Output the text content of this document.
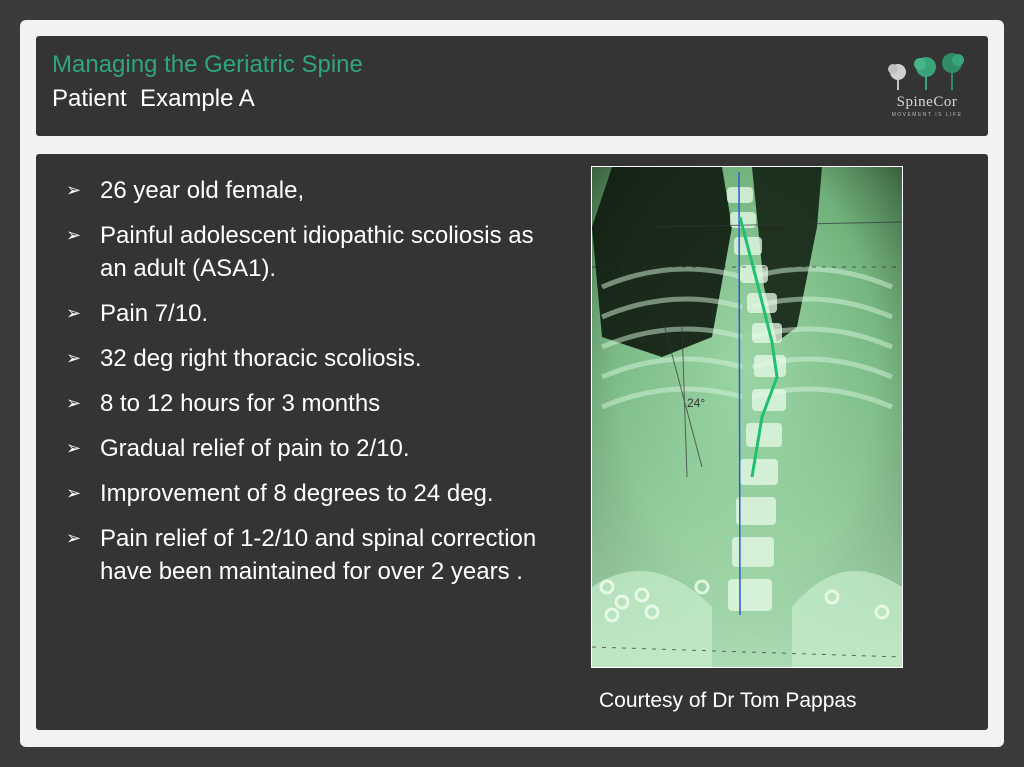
Managing the Geriatric Spine
Patient  Example A	SpineCor
MOVEMENT IS LIFE
➢ 26 year old female,
➢ Painful adolescent idiopathic scoliosis as an adult (ASA1).
➢ Pain 7/10.
➢ 32 deg right thoracic scoliosis.
➢ 8 to 12 hours for 3 months
➢ Gradual relief of pain to 2/10.
➢ Improvement of 8 degrees to 24 deg.
➢ Pain relief of 1-2/10 and spinal correction have been maintained for over 2 years .
24°
Courtesy of Dr Tom Pappas
